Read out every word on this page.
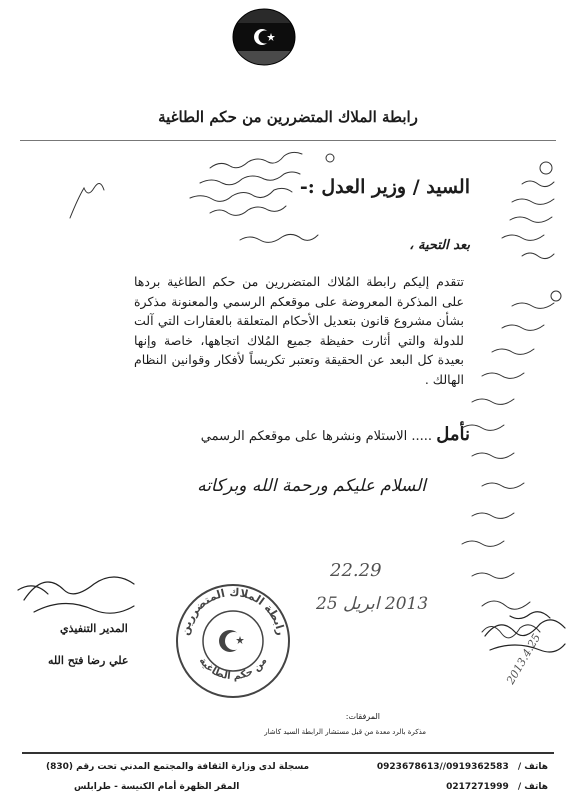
رابطة الملاك المتضررين من حكم الطاغية
السيد / وزير العدل :-
بعد التحية ،
تتقدم إليكم رابطة المُلاك المتضررين من حكم الطاغية بردها على المذكرة المعروضة على موقعكم الرسمي والمعنونة مذكرة بشأن مشروع قانون بتعديل الأحكام المتعلقة بالعقارات التي آلت للدولة والتي أثارت حفيظة جميع المُلاك اتجاهها، خاصة وإنها بعيدة كل البعد عن الحقيقة وتعتبر تكريساً لأفكار وقوانين النظام الهالك .
نأمل ..... الاستلام ونشرها على موقعكم الرسمي
السلام عليكم ورحمة الله وبركاته
22.29
2013 ابريل 25
2013.4.25
رابطة الملاك المتضررين
من حكم الطاغية
المدير التنفيذي
علي رضا فتح الله
المرفقات:
مذكرة بالرد معدة من قبل مستشار الرابطة السيد كاشار
مسجلة لدى وزارة الثقافة والمجتمع المدني تحت رقم (830)
المقر الظهرة أمام الكنيسة - طرابلس
هاتف / 0923678613//0919362583
هاتف / 0217271999
